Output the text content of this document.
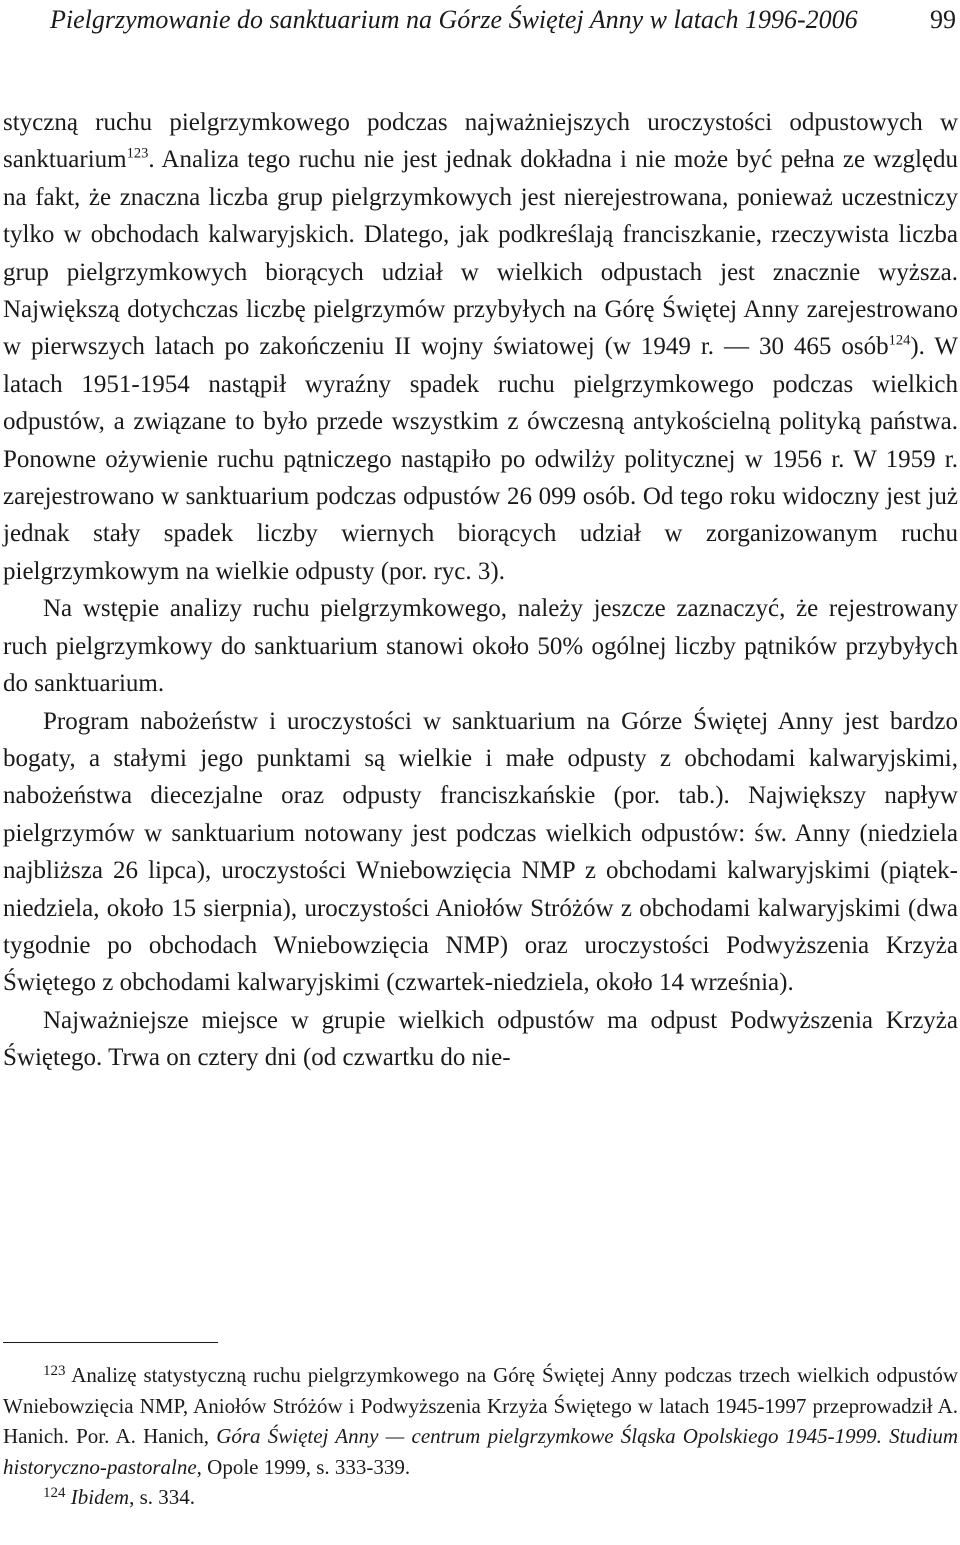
Pielgrzymowanie do sanktuarium na Górze Świętej Anny w latach 1996-2006	99

styczną ruchu pielgrzymkowego podczas najważniejszych uroczystości odpustowych w sanktuarium$^{123}$. Analiza tego ruchu nie jest jednak dokładna i nie może być pełna ze względu na fakt, że znaczna liczba grup pielgrzymkowych jest nierejestrowana, ponieważ uczestniczy tylko w obchodach kalwaryjskich. Dlatego, jak podkreślają franciszkanie, rzeczywista liczba grup pielgrzymkowych biorących udział w wielkich odpustach jest znacznie wyższa. Największą dotychczas liczbę pielgrzymów przybyłych na Górę Świętej Anny zarejestrowano w pierwszych latach po zakończeniu II wojny światowej (w 1949 r. — 30 465 osób$^{124}$). W latach 1951-1954 nastąpił wyraźny spadek ruchu pielgrzymkowego podczas wielkich odpustów, a związane to było przede wszystkim z ówczesną antykościelną polityką państwa. Ponowne ożywienie ruchu pątniczego nastąpiło po odwilży politycznej w 1956 r. W 1959 r. zarejestrowano w sanktuarium podczas odpustów 26 099 osób. Od tego roku widoczny jest już jednak stały spadek liczby wiernych biorących udział w zorganizowanym ruchu pielgrzymkowym na wielkie odpusty (por. ryc. 3).

Na wstępie analizy ruchu pielgrzymkowego, należy jeszcze zaznaczyć, że rejestrowany ruch pielgrzymkowy do sanktuarium stanowi około 50% ogólnej liczby pątników przybyłych do sanktuarium.

Program nabożeństw i uroczystości w sanktuarium na Górze Świętej Anny jest bardzo bogaty, a stałymi jego punktami są wielkie i małe odpusty z obchodami kalwaryjskimi, nabożeństwa diecezjalne oraz odpusty franciszkańskie (por. tab.). Największy napływ pielgrzymów w sanktuarium notowany jest podczas wielkich odpustów: św. Anny (niedziela najbliższa 26 lipca), uroczystości Wniebowzięcia NMP z obchodami kalwaryjskimi (piątek-niedziela, około 15 sierpnia), uroczystości Aniołów Stróżów z obchodami kalwaryjskimi (dwa tygodnie po obchodach Wniebowzięcia NMP) oraz uroczystości Podwyższenia Krzyża Świętego z obchodami kalwaryjskimi (czwartek-niedziela, około 14 września).

Najważniejsze miejsce w grupie wielkich odpustów ma odpust Podwyższenia Krzyża Świętego. Trwa on cztery dni (od czwartku do nie-

$^{123}$ Analizę statystyczną ruchu pielgrzymkowego na Górę Świętej Anny podczas trzech wielkich odpustów Wniebowzięcia NMP, Aniołów Stróżów i Podwyższenia Krzyża Świętego w latach 1945-1997 przeprowadził A. Hanich. Por. A. Hanich, Góra Świętej Anny — centrum pielgrzymkowe Śląska Opolskiego 1945-1999. Studium historyczno-pastoralne, Opole 1999, s. 333-339.

$^{124}$ Ibidem, s. 334.
